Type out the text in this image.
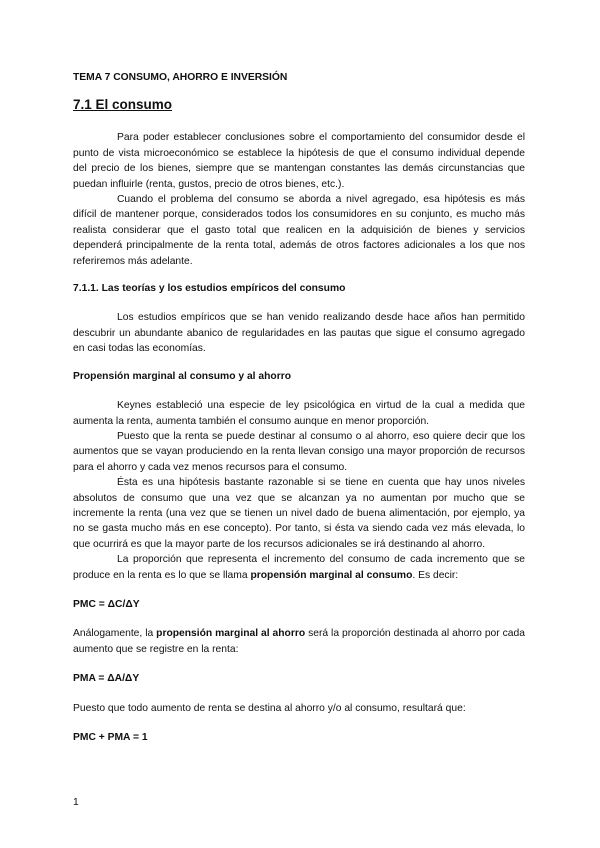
TEMA 7 CONSUMO, AHORRO E INVERSIÓN
7.1 El consumo

Para poder establecer conclusiones sobre el comportamiento del consumidor desde el punto de vista microeconómico se establece la hipótesis de que el consumo individual depende del precio de los bienes, siempre que se mantengan constantes las demás circunstancias que puedan influirle (renta, gustos, precio de otros bienes, etc.).

Cuando el problema del consumo se aborda a nivel agregado, esa hipótesis es más difícil de mantener porque, considerados todos los consumidores en su conjunto, es mucho más realista considerar que el gasto total que realicen en la adquisición de bienes y servicios dependerá principalmente de la renta total, además de otros factores adicionales a los que nos referiremos más adelante.

7.1.1. Las teorías y los estudios empíricos del consumo

Los estudios empíricos que se han venido realizando desde hace años han permitido descubrir un abundante abanico de regularidades en las pautas que sigue el consumo agregado en casi todas las economías.

Propensión marginal al consumo y al ahorro

Keynes estableció una especie de ley psicológica en virtud de la cual a medida que aumenta la renta, aumenta también el consumo aunque en menor proporción.

Puesto que la renta se puede destinar al consumo o al ahorro, eso quiere decir que los aumentos que se vayan produciendo en la renta llevan consigo una mayor proporción de recursos para el ahorro y cada vez menos recursos para el consumo.

Ésta es una hipótesis bastante razonable si se tiene en cuenta que hay unos niveles absolutos de consumo que una vez que se alcanzan ya no aumentan por mucho que se incremente la renta (una vez que se tienen un nivel dado de buena alimentación, por ejemplo, ya no se gasta mucho más en ese concepto). Por tanto, si ésta va siendo cada vez más elevada, lo que ocurrirá es que la mayor parte de los recursos adicionales se irá destinando al ahorro.

La proporción que representa el incremento del consumo de cada incremento que se produce en la renta es lo que se llama propensión marginal al consumo. Es decir:

PMC = ΔC/ΔY

Análogamente, la propensión marginal al ahorro será la proporción destinada al ahorro por cada aumento que se registre en la renta:

PMA = ΔA/ΔY

Puesto que todo aumento de renta se destina al ahorro y/o al consumo, resultará que:

PMC + PMA = 1
1
